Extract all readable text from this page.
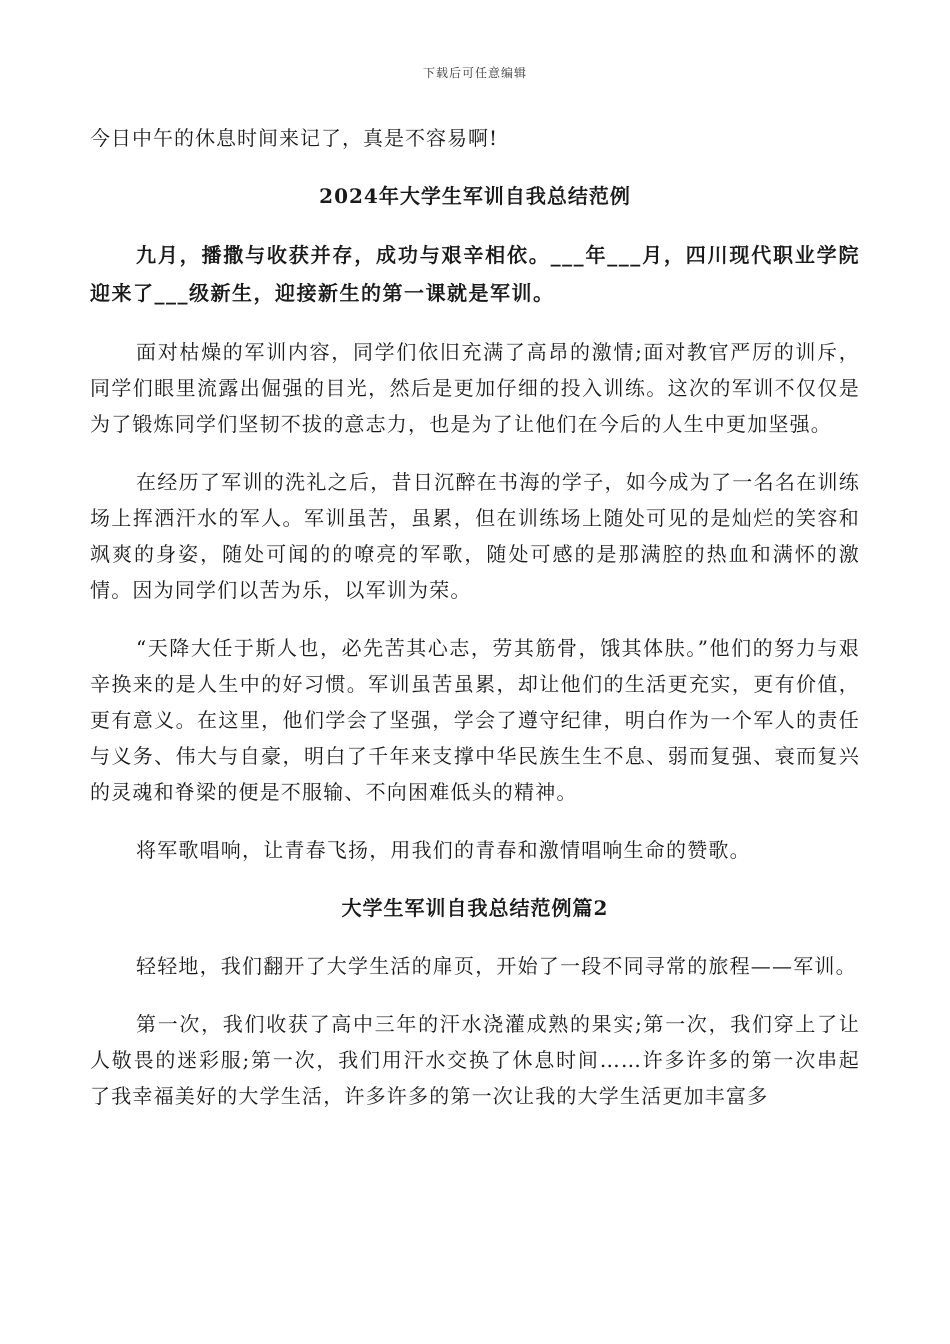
下载后可任意编辑
今日中午的休息时间来记了，真是不容易啊!
2024年大学生军训自我总结范例

九月，播撒与收获并存，成功与艰辛相依。___年___月，四川现代职业学院迎来了___级新生，迎接新生的第一课就是军训。

面对枯燥的军训内容，同学们依旧充满了高昂的激情;面对教官严厉的训斥，同学们眼里流露出倔强的目光，然后是更加仔细的投入训练。这次的军训不仅仅是为了锻炼同学们坚韧不拔的意志力，也是为了让他们在今后的人生中更加坚强。

在经历了军训的洗礼之后，昔日沉醉在书海的学子，如今成为了一名名在训练场上挥洒汗水的军人。军训虽苦，虽累，但在训练场上随处可见的是灿烂的笑容和飒爽的身姿，随处可闻的的嘹亮的军歌，随处可感的是那满腔的热血和满怀的激情。因为同学们以苦为乐，以军训为荣。

“天降大任于斯人也，必先苦其心志，劳其筋骨，饿其体肤。”他们的努力与艰辛换来的是人生中的好习惯。军训虽苦虽累，却让他们的生活更充实，更有价值，更有意义。在这里，他们学会了坚强，学会了遵守纪律，明白作为一个军人的责任与义务、伟大与自豪，明白了千年来支撑中华民族生生不息、弱而复强、衰而复兴的灵魂和脊梁的便是不服输、不向困难低头的精神。

将军歌唱响，让青春飞扬，用我们的青春和激情唱响生命的赞歌。

大学生军训自我总结范例篇2

轻轻地，我们翻开了大学生活的扉页，开始了一段不同寻常的旅程——军训。

第一次，我们收获了高中三年的汗水浇灌成熟的果实;第一次，我们穿上了让人敬畏的迷彩服;第一次，我们用汗水交换了休息时间……许多许多的第一次串起了我幸福美好的大学生活，许多许多的第一次让我的大学生活更加丰富多
